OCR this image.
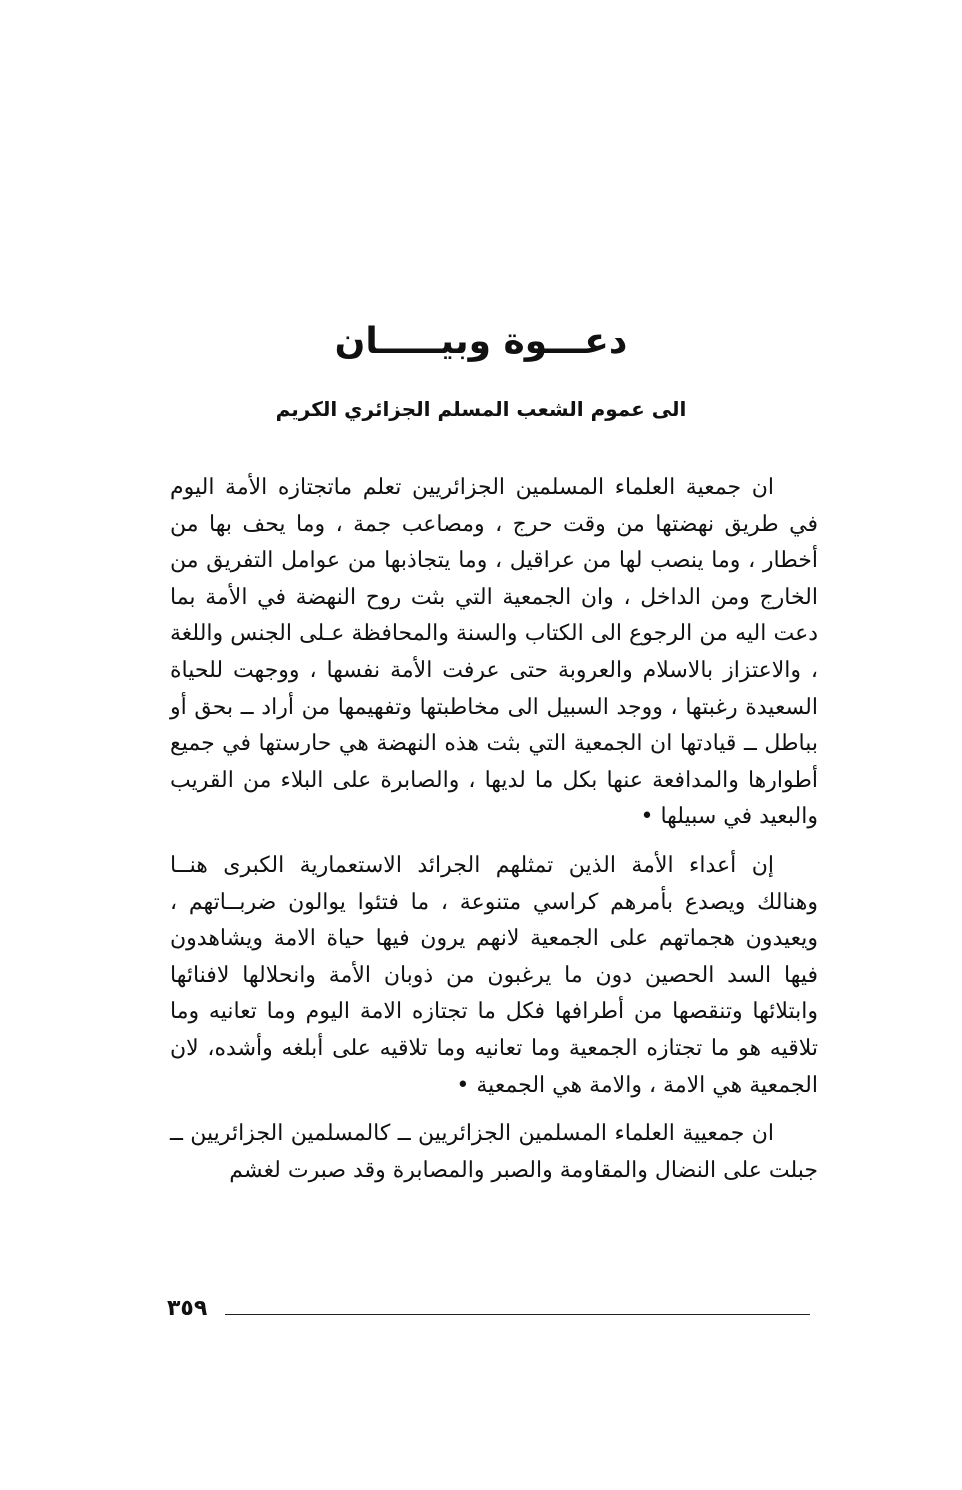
دعـــوة وبيـــــان
الى عموم الشعب المسلم الجزائري الكريم

ان جمعية العلماء المسلمين الجزائريين تعلم ماتجتازه الأمة اليوم في طريق نهضتها من وقت حرج ، ومصاعب جمة ، وما يحف بها من أخطار ، وما ينصب لها من عراقيل ، وما يتجاذبها من عوامل التفريق من الخارج ومن الداخل ، وان الجمعية التي بثت روح النهضة في الأمة بما دعت اليه من الرجوع الى الكتاب والسنة والمحافظة عـلى الجنس واللغة ، والاعتزاز بالاسلام والعروبة حتى عرفت الأمة نفسها ، ووجهت للحياة السعيدة رغبتها ، ووجد السبيل الى مخاطبتها وتفهيمها من أراد ــ بحق أو بباطل ــ قيادتها ان الجمعية التي بثت هذه النهضة هي حارستها في جميع أطوارها والمدافعة عنها بكل ما لديها ، والصابرة على البلاء من القريب والبعيد في سبيلها •

إن أعداء الأمة الذين تمثلهم الجرائد الاستعمارية الكبرى هنــا وهنالك ويصدع بأمرهم كراسي متنوعة ، ما فتئوا يوالون ضربــاتهم ، ويعيدون هجماتهم على الجمعية لانهم يرون فيها حياة الامة ويشاهدون فيها السد الحصين دون ما يرغبون من ذوبان الأمة وانحلالها لافنائها وابتلائها وتنقصها من أطرافها فكل ما تجتازه الامة اليوم وما تعانيه وما تلاقيه هو ما تجتازه الجمعية وما تعانيه وما تلاقيه على أبلغه وأشده، لان الجمعية هي الامة ، والامة هي الجمعية •

ان جمعيية العلماء المسلمين الجزائريين ــ كالمسلمين الجزائريين ــ جبلت على النضال والمقاومة والصبر والمصابرة وقد صبرت لغشم

٣٥٩
